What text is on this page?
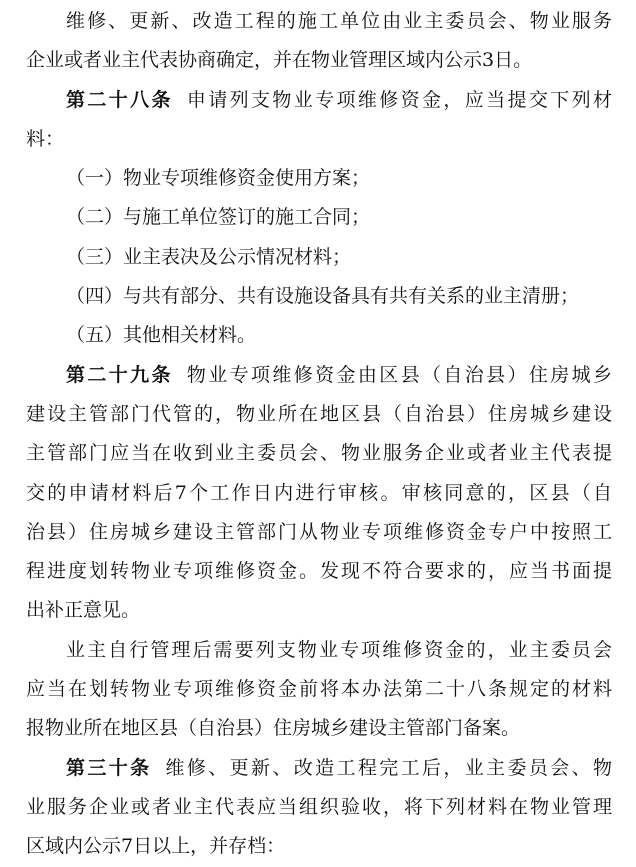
维修、更新、改造工程的施工单位由业主委员会、物业服务
企业或者业主代表协商确定，并在物业管理区域内公示3日。
第二十八条 申请列支物业专项维修资金，应当提交下列材
料：
（一）物业专项维修资金使用方案；
（二）与施工单位签订的施工合同；
（三）业主表决及公示情况材料；
（四）与共有部分、共有设施设备具有共有关系的业主清册；
（五）其他相关材料。
第二十九条 物业专项维修资金由区县（自治县）住房城乡
建设主管部门代管的，物业所在地区县（自治县）住房城乡建设
主管部门应当在收到业主委员会、物业服务企业或者业主代表提
交的申请材料后7个工作日内进行审核。审核同意的，区县（自
治县）住房城乡建设主管部门从物业专项维修资金专户中按照工
程进度划转物业专项维修资金。发现不符合要求的，应当书面提
出补正意见。
业主自行管理后需要列支物业专项维修资金的，业主委员会
应当在划转物业专项维修资金前将本办法第二十八条规定的材料
报物业所在地区县（自治县）住房城乡建设主管部门备案。
第三十条 维修、更新、改造工程完工后，业主委员会、物
业服务企业或者业主代表应当组织验收，将下列材料在物业管理
区域内公示7日以上，并存档：
